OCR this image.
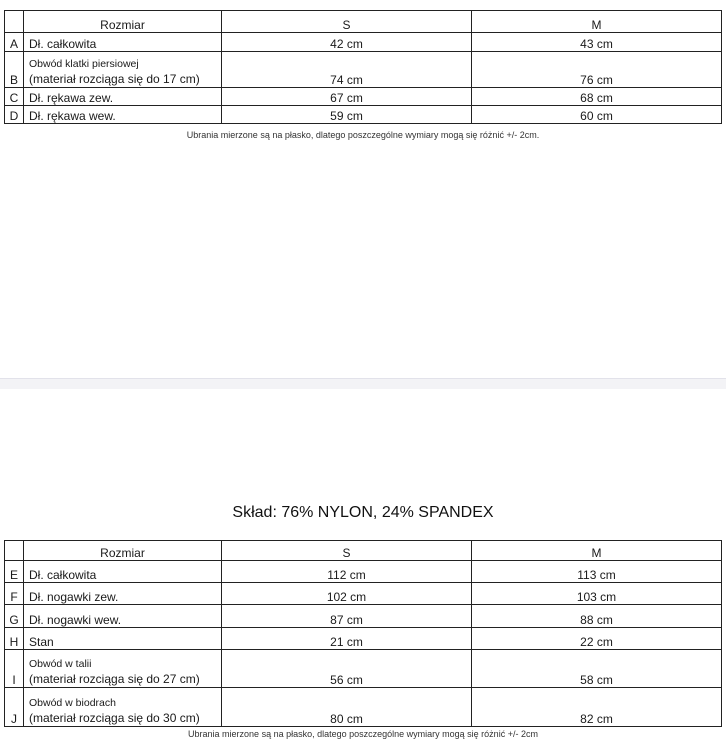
	Rozmiar	S	M
A	Dł. całkowita	42 cm	43 cm
B	Obwód klatki piersiowej
(materiał rozciąga się do 17 cm)	74 cm	76 cm
C	Dł. rękawa zew.	67 cm	68 cm
D	Dł. rękawa wew.	59 cm	60 cm
Ubrania mierzone są na płasko, dlatego poszczególne wymiary mogą się różnić +/- 2cm.
Skład: 76% NYLON, 24% SPANDEX
	Rozmiar	S	M
E	Dł. całkowita	112 cm	113 cm
F	Dł. nogawki zew.	102 cm	103 cm
G	Dł. nogawki wew.	87 cm	88 cm
H	Stan	21 cm	22 cm
I	Obwód w talii
(materiał rozciąga się do 27 cm)	56 cm	58 cm
J	Obwód w biodrach
(materiał rozciąga się do 30 cm)	80 cm	82 cm
Ubrania mierzone są na płasko, dlatego poszczególne wymiary mogą się różnić +/- 2cm
